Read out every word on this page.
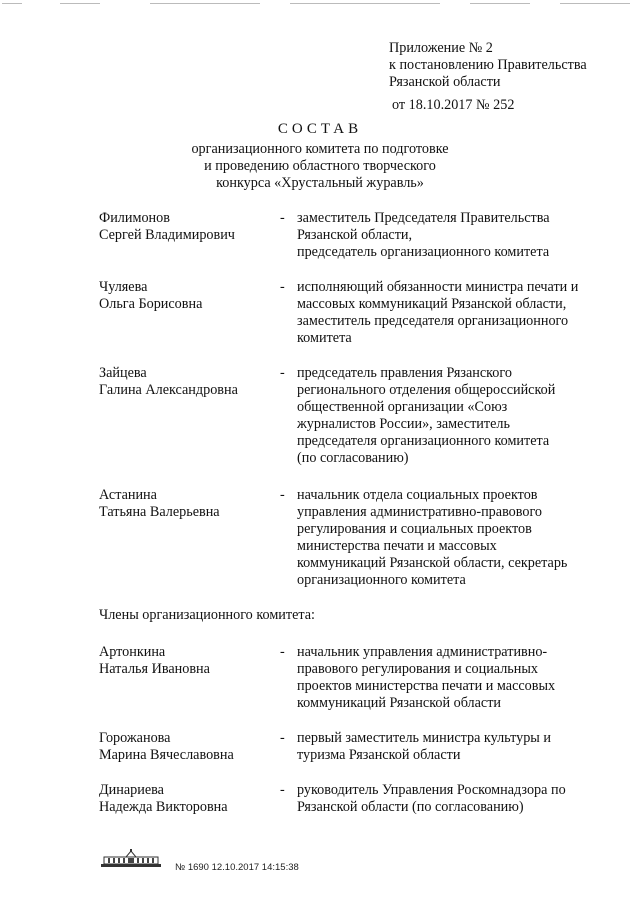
Приложение № 2
к постановлению Правительства
Рязанской области
от 18.10.2017 № 252
СОСТАВ
организационного комитета по подготовке
и проведению областного творческого
конкурса «Хрустальный журавль»
Филимонов
Сергей Владимирович
- заместитель Председателя Правительства
Рязанской области,
председатель организационного комитета
Чуляева
Ольга Борисовна
- исполняющий обязанности министра печати и
массовых коммуникаций Рязанской области,
заместитель председателя организационного
комитета
Зайцева
Галина Александровна
- председатель правления Рязанского
регионального отделения общероссийской
общественной организации «Союз
журналистов России», заместитель
председателя организационного комитета
(по согласованию)
Астанина
Татьяна Валерьевна
- начальник отдела социальных проектов
управления административно-правового
регулирования и социальных проектов
министерства печати и массовых
коммуникаций Рязанской области, секретарь
организационного комитета
Члены организационного комитета:
Артонкина
Наталья Ивановна
- начальник управления административно-
правового регулирования и социальных
проектов министерства печати и массовых
коммуникаций Рязанской области
Горожанова
Марина Вячеславовна
- первый заместитель министра культуры и
туризма Рязанской области
Динариева
Надежда Викторовна
- руководитель Управления Роскомнадзора по
Рязанской области (по согласованию)
№ 1690 12.10.2017 14:15:38
